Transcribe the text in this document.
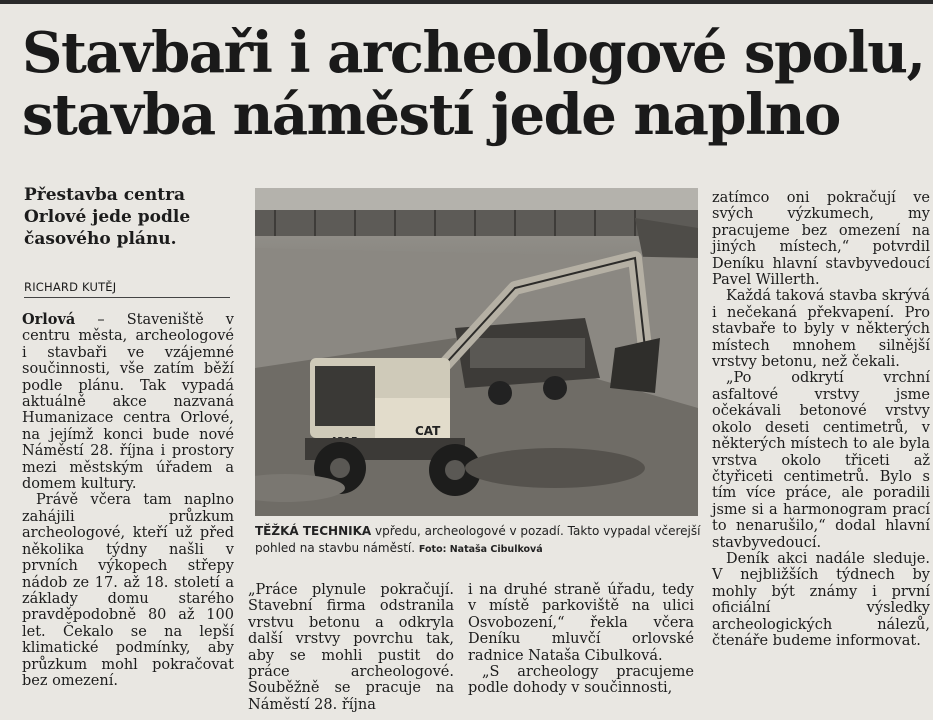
Stavbaři i archeologové spolu,
stavba náměstí jede naplno

Přestavba centra Orlové jede podle časového plánu.

RICHARD KUTĚJ

Orlová – Staveniště v centru města, archeologové i stavbaři ve vzájemné součinnosti, vše zatím běží podle plánu. Tak vypadá aktuálně akce nazvaná Humanizace centra Orlové, na jejímž konci bude nové Náměstí 28. října i prostory mezi městským úřadem a domem kultury.

Právě včera tam naplno zahájili průzkum archeologové, kteří už před několika týdny našli v prvních výkopech střepy nádob ze 17. až 18. století a základy domu starého pravděpodobně 80 až 100 let. Čekalo se na lepší klimatické podmínky, aby průzkum mohl pokračovat bez omezení.

CAT
TĚŽKÁ TECHNIKA vpředu, archeologové v pozadí. Takto vypadal včerejší pohled na stavbu náměstí. Foto: Nataša Cibulková

„Práce plynule pokračují. Stavební firma odstranila vrstvu betonu a odkryla další vrstvy povrchu tak, aby se mohli pustit do práce archeologové. Souběžně se pracuje na Náměstí 28. října

i na druhé straně úřadu, tedy v místě parkoviště na ulici Osvobození,“ řekla včera Deníku mluvčí orlovské radnice Nataša Cibulková.

„S archeology pracujeme podle dohody v součinnosti,

zatímco oni pokračují ve svých výzkumech, my pracujeme bez omezení na jiných místech,“ potvrdil Deníku hlavní stavbyvedoucí Pavel Willerth.

Každá taková stavba skrývá i nečekaná překvapení. Pro stavbaře to byly v některých místech mnohem silnější vrstvy betonu, než čekali.

„Po odkrytí vrchní asfaltové vrstvy jsme očekávali betonové vrstvy okolo deseti centimetrů, v některých místech to ale byla vrstva okolo třiceti až čtyřiceti centimetrů. Bylo s tím více práce, ale poradili jsme si a harmonogram prací to nenarušilo,“ dodal hlavní stavbyvedoucí.

Deník akci nadále sleduje. V nejbližších týdnech by mohly být známy i první oficiální výsledky archeologických nálezů, čtenáře budeme informovat.
